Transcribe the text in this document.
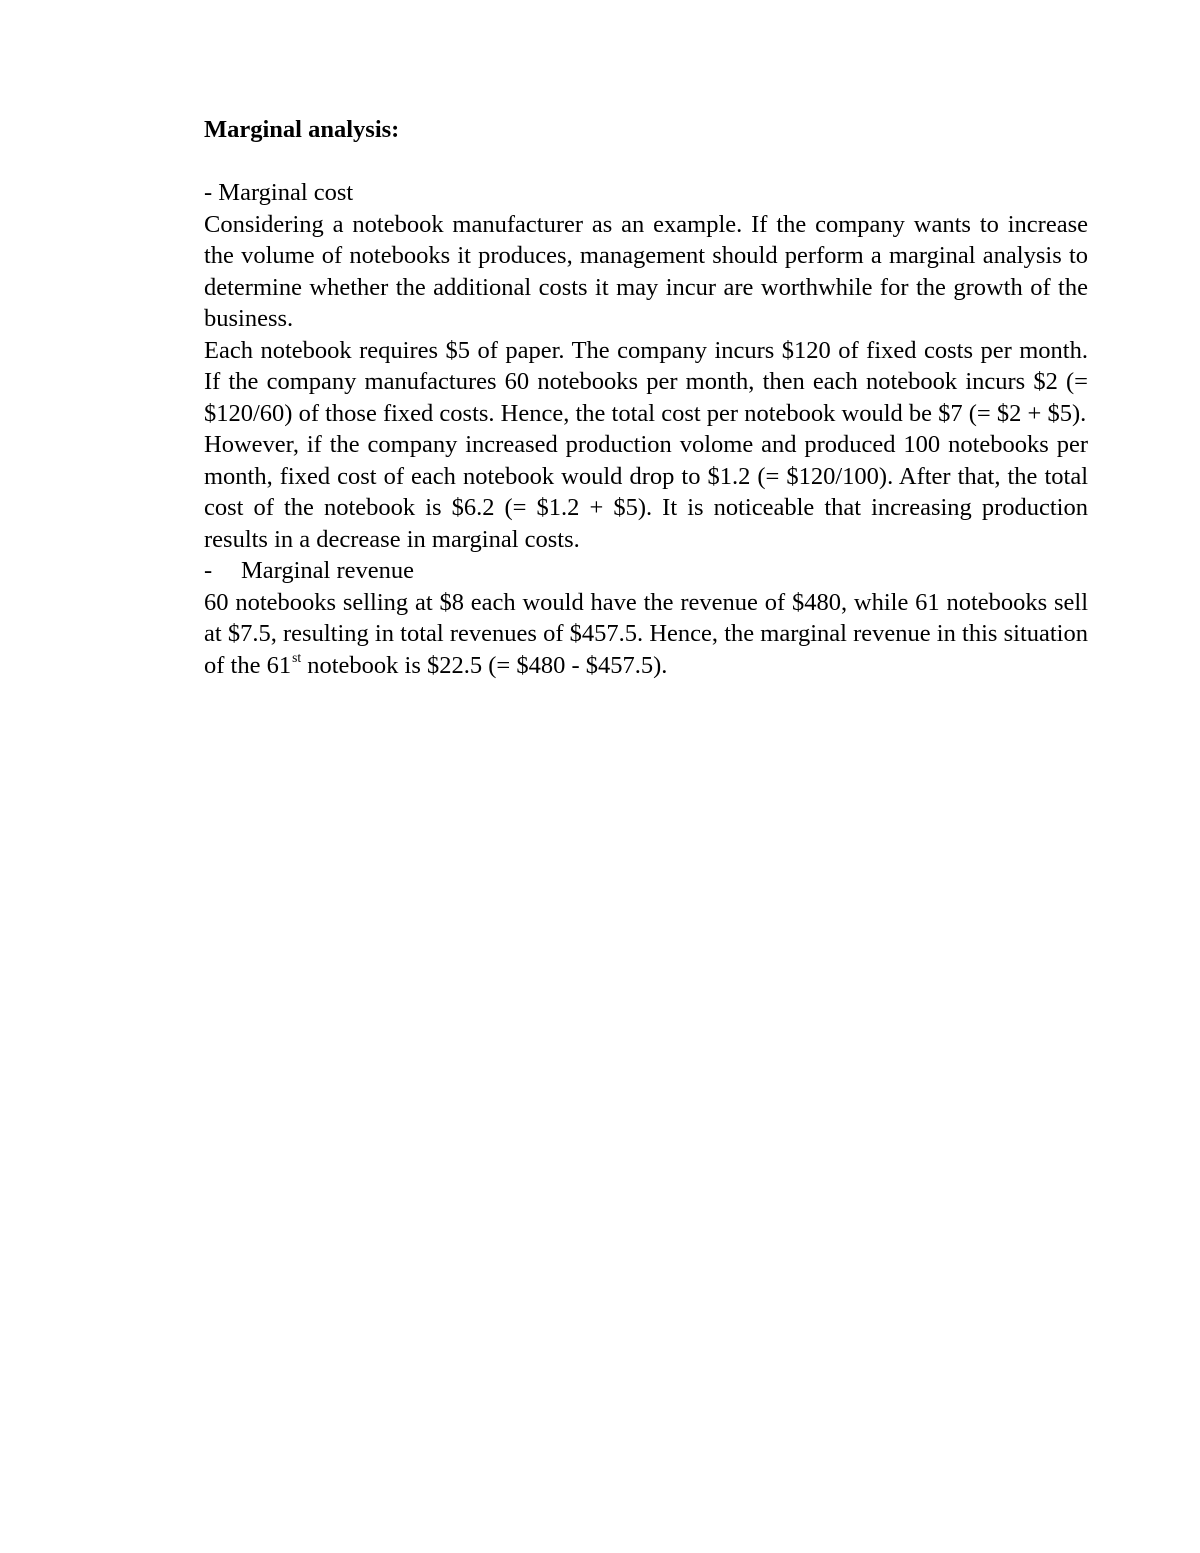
Marginal analysis:

- Marginal cost

Considering a notebook manufacturer as an example. If the company wants to increase the volume of notebooks it produces, management should perform a marginal analysis to determine whether the additional costs it may incur are worthwhile for the growth of the business.

Each notebook requires $5 of paper. The company incurs $120 of fixed costs per month. If the company manufactures 60 notebooks per month, then each notebook incurs $2 (= $120/60) of those fixed costs. Hence, the total cost per notebook would be $7 (= $2 + $5).

However, if the company increased production volome and produced 100 notebooks per month, fixed cost of each notebook would drop to $1.2 (= $120/100). After that, the total cost of the notebook is $6.2 (= $1.2 + $5). It is noticeable that increasing production results in a decrease in marginal costs.

- Marginal revenue

60 notebooks selling at $8 each would have the revenue of $480, while 61 notebooks sell at $7.5, resulting in total revenues of $457.5. Hence, the marginal revenue in this situation of the 61st notebook is $22.5 (= $480 - $457.5).
